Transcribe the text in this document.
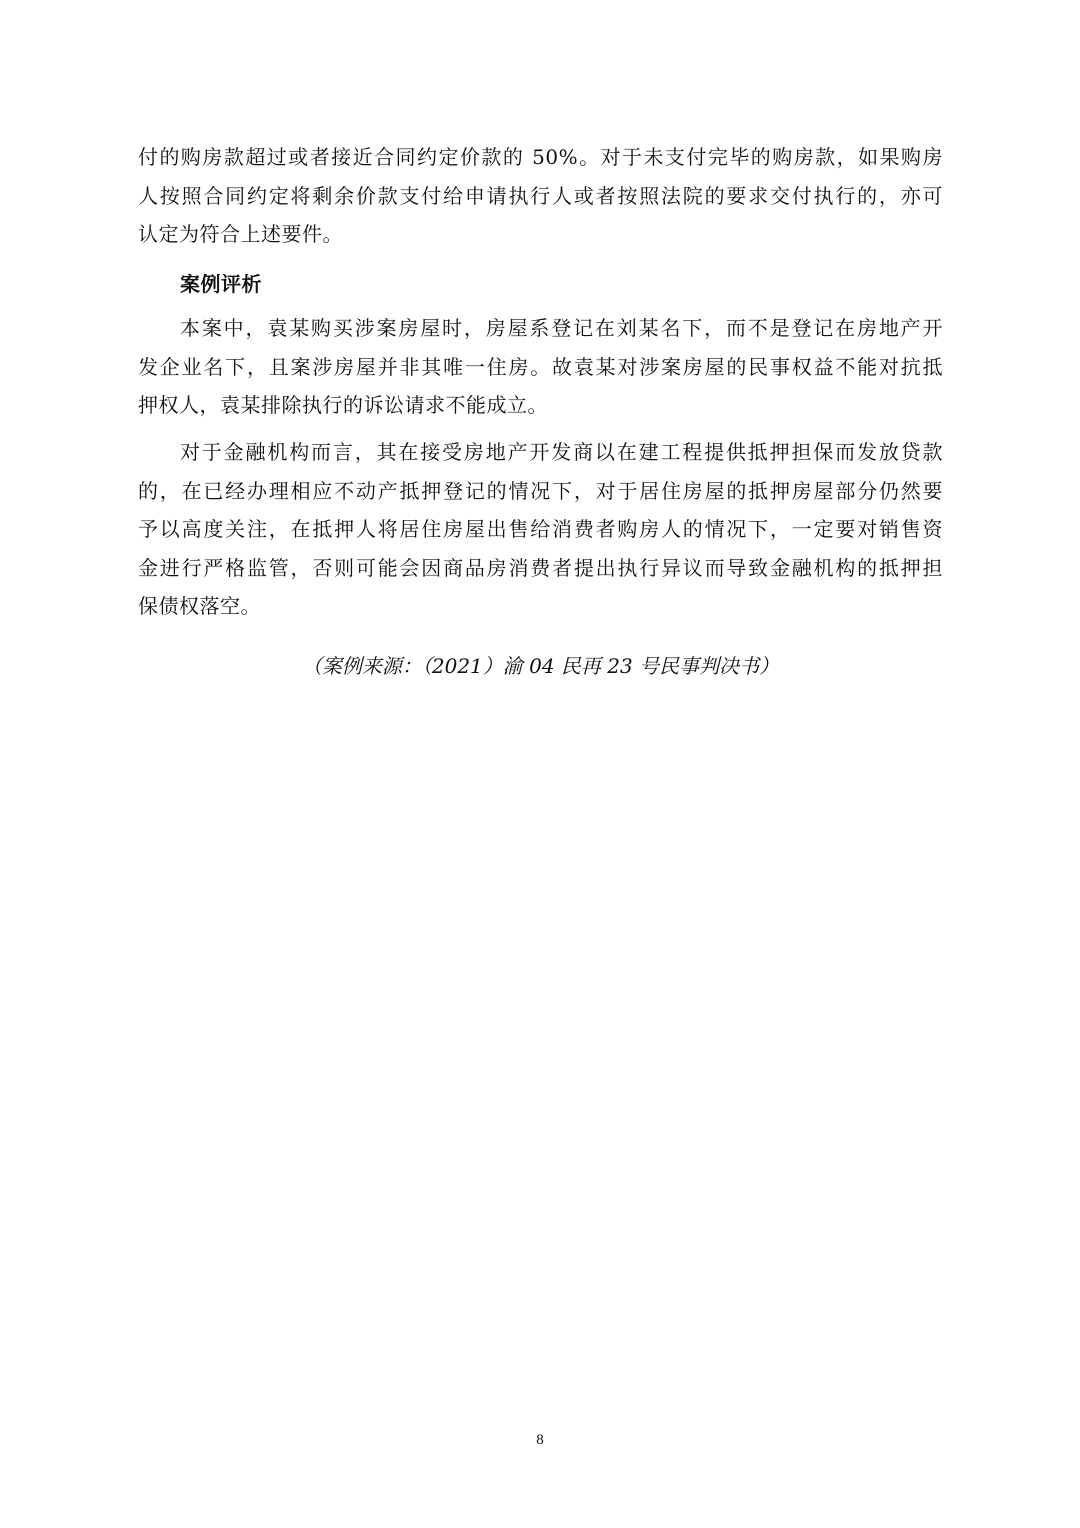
付的购房款超过或者接近合同约定价款的 50%。对于未支付完毕的购房款，如果购房
人按照合同约定将剩余价款支付给申请执行人或者按照法院的要求交付执行的，亦可
认定为符合上述要件。
案例评析
本案中，袁某购买涉案房屋时，房屋系登记在刘某名下，而不是登记在房地产开
发企业名下，且案涉房屋并非其唯一住房。故袁某对涉案房屋的民事权益不能对抗抵
押权人，袁某排除执行的诉讼请求不能成立。
对于金融机构而言，其在接受房地产开发商以在建工程提供抵押担保而发放贷款
的，在已经办理相应不动产抵押登记的情况下，对于居住房屋的抵押房屋部分仍然要
予以高度关注，在抵押人将居住房屋出售给消费者购房人的情况下，一定要对销售资
金进行严格监管，否则可能会因商品房消费者提出执行异议而导致金融机构的抵押担
保债权落空。
（案例来源：（2021）渝 04 民再 23 号民事判决书）
8
